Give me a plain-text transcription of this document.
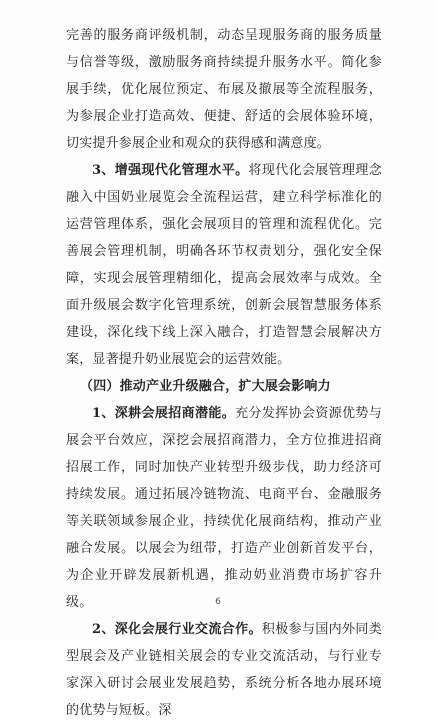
完善的服务商评级机制，动态呈现服务商的服务质量与信誉等级，激励服务商持续提升服务水平。简化参展手续，优化展位预定、布展及撤展等全流程服务，为参展企业打造高效、便捷、舒适的会展体验环境，切实提升参展企业和观众的获得感和满意度。

3、增强现代化管理水平。将现代化会展管理理念融入中国奶业展览会全流程运营，建立科学标准化的运营管理体系，强化会展项目的管理和流程优化。完善展会管理机制，明确各环节权责划分，强化安全保障，实现会展管理精细化，提高会展效率与成效。全面升级展会数字化管理系统，创新会展智慧服务体系建设，深化线下线上深入融合，打造智慧会展解决方案，显著提升奶业展览会的运营效能。

（四）推动产业升级融合，扩大展会影响力

1、深耕会展招商潜能。充分发挥协会资源优势与展会平台效应，深挖会展招商潜力，全方位推进招商招展工作，同时加快产业转型升级步伐，助力经济可持续发展。通过拓展冷链物流、电商平台、金融服务等关联领域参展企业，持续优化展商结构，推动产业融合发展。以展会为纽带，打造产业创新首发平台，为企业开辟发展新机遇，推动奶业消费市场扩容升级。

2、深化会展行业交流合作。积极参与国内外同类型展会及产业链相关展会的专业交流活动，与行业专家深入研讨会展业发展趋势，系统分析各地办展环境的优势与短板。深

6
